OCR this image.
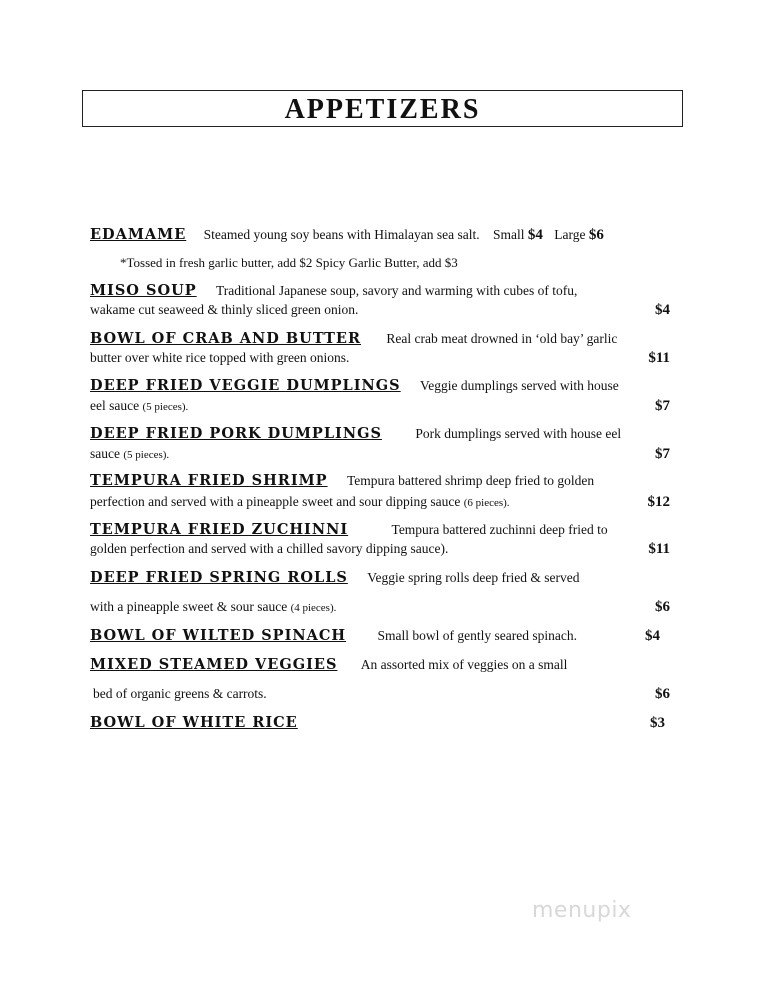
APPETIZERS
EDAMAME Steamed young soy beans with Himalayan sea salt. Small $4 Large $6
*Tossed in fresh garlic butter, add $2 Spicy Garlic Butter, add $3
MISO SOUP Traditional Japanese soup, savory and warming with cubes of tofu,
wakame cut seaweed & thinly sliced green onion.	$4
BOWL OF CRAB AND BUTTER Real crab meat drowned in ‘old bay’ garlic
butter over white rice topped with green onions.	$11
DEEP FRIED VEGGIE DUMPLINGS Veggie dumplings served with house
eel sauce (5 pieces).	$7
DEEP FRIED PORK DUMPLINGS Pork dumplings served with house eel
sauce (5 pieces).	$7
TEMPURA FRIED SHRIMP Tempura battered shrimp deep fried to golden
perfection and served with a pineapple sweet and sour dipping sauce (6 pieces).	$12
TEMPURA FRIED ZUCHINNI	Tempura battered zuchinni deep fried to
golden perfection and served with a chilled savory dipping sauce).	$11
DEEP FRIED SPRING ROLLS Veggie spring rolls deep fried & served
with a pineapple sweet & sour sauce (4 pieces).	$6
BOWL OF WILTED SPINACH Small bowl of gently seared spinach.	$4
MIXED STEAMED VEGGIES An assorted mix of veggies on a small
bed of organic greens & carrots.	$6
BOWL OF WHITE RICE	$3
menupix
